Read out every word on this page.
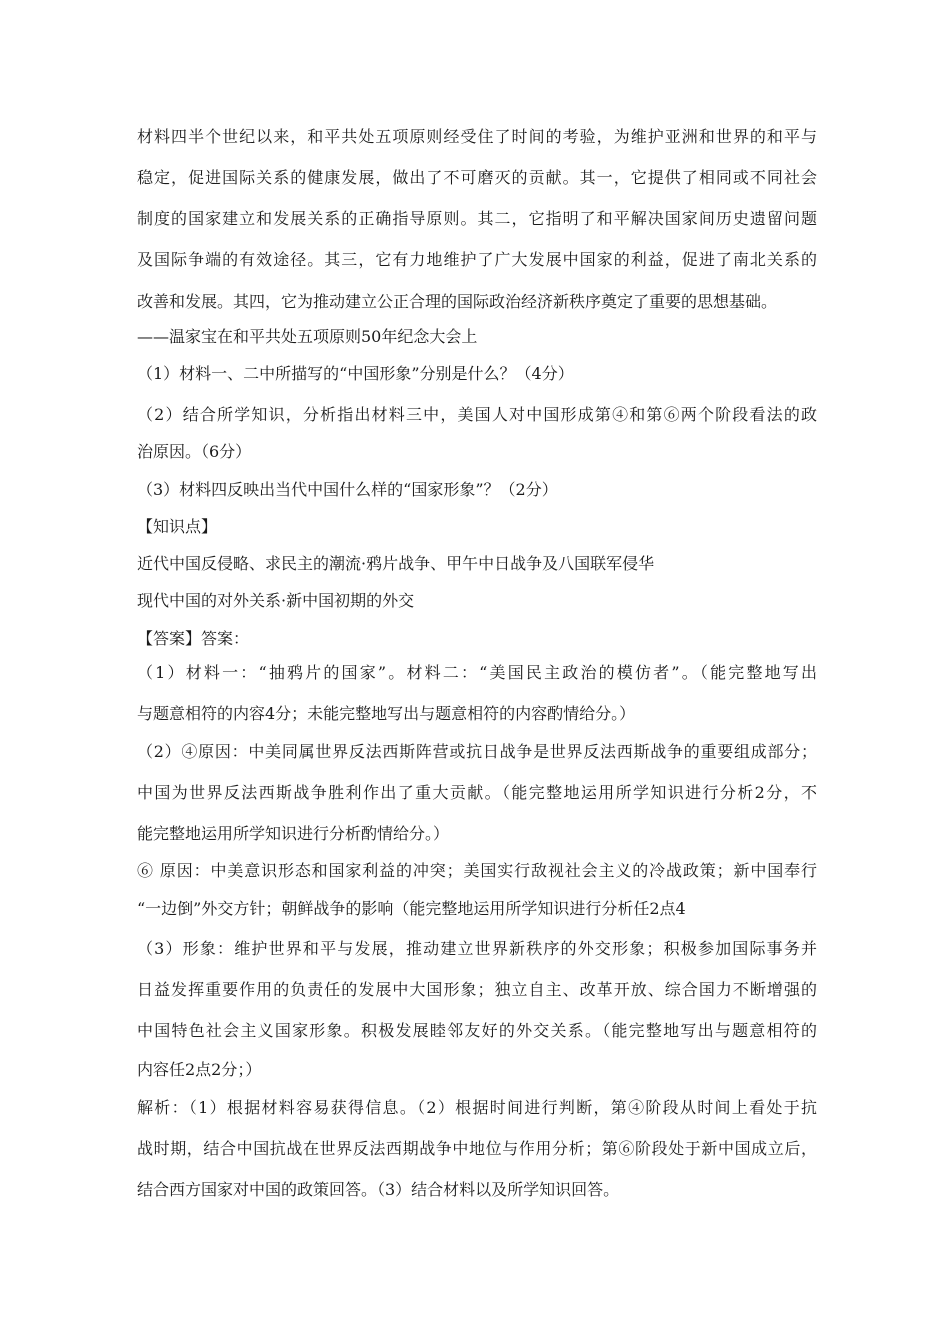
材料四半个世纪以来，和平共处五项原则经受住了时间的考验，为维护亚洲和世界的和平与
稳定，促进国际关系的健康发展，做出了不可磨灭的贡献。其一，它提供了相同或不同社会
制度的国家建立和发展关系的正确指导原则。其二，它指明了和平解决国家间历史遗留问题
及国际争端的有效途径。其三，它有力地维护了广大发展中国家的利益，促进了南北关系的
改善和发展。其四，它为推动建立公正合理的国际政治经济新秩序奠定了重要的思想基础。
——温家宝在和平共处五项原则50年纪念大会上
（1）材料一、二中所描写的“中国形象”分别是什么？（4分）
（2）结合所学知识，分析指出材料三中，美国人对中国形成第④和第⑥两个阶段看法的政
治原因。（6分）
（3）材料四反映出当代中国什么样的“国家形象”？（2分）
【知识点】
近代中国反侵略、求民主的潮流·鸦片战争、甲午中日战争及八国联军侵华
现代中国的对外关系·新中国初期的外交
【答案】答案：
（1）材料一：“抽鸦片的国家”。材料二：“美国民主政治的模仿者”。（能完整地写出
与题意相符的内容4分；未能完整地写出与题意相符的内容酌情给分。）
（2）④原因：中美同属世界反法西斯阵营或抗日战争是世界反法西斯战争的重要组成部分；
中国为世界反法西斯战争胜利作出了重大贡献。（能完整地运用所学知识进行分析2分，不
能完整地运用所学知识进行分析酌情给分。）
⑥ 原因：中美意识形态和国家利益的冲突；美国实行敌视社会主义的冷战政策；新中国奉行
“一边倒”外交方针；朝鲜战争的影响（能完整地运用所学知识进行分析任2点4
（3）形象：维护世界和平与发展，推动建立世界新秩序的外交形象；积极参加国际事务并
日益发挥重要作用的负责任的发展中大国形象；独立自主、改革开放、综合国力不断增强的
中国特色社会主义国家形象。积极发展睦邻友好的外交关系。（能完整地写出与题意相符的
内容任2点2分；）
解析：（1）根据材料容易获得信息。（2）根据时间进行判断，第④阶段从时间上看处于抗
战时期，结合中国抗战在世界反法西期战争中地位与作用分析；第⑥阶段处于新中国成立后，
结合西方国家对中国的政策回答。（3）结合材料以及所学知识回答。
